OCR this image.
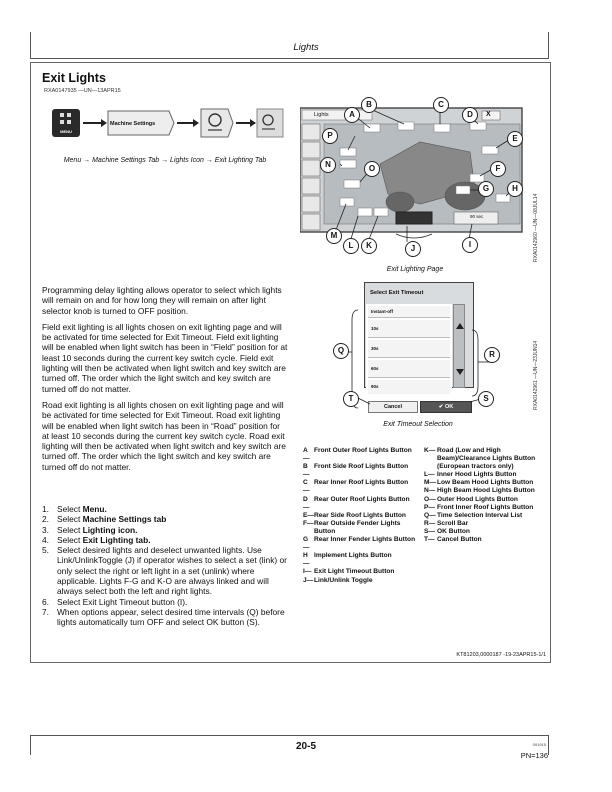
Lights
Exit Lights
RXA0147935 —UN—13APR15
MENU
Machine Settings
Menu → Machine Settings Tab → Lights Icon → Exit Lighting Tab
Lights	X
90 sec
A
B	C
D
E
F
G	H
I
J
K
L
M
N	O
P
Exit Lighting Page
RXA0142960 —UN—08JUL14
Select Exit Timeout
Instant-off
10s
30s
60s
90s
Cancel	✔ OK
Q	R
S
T
Exit Timeout Selection
RXA0142961 —UN—23JUN14

Programming delay lighting allows operator to select which lights will remain on and for how long they will remain on after light selector knob is turned to OFF position.

Field exit lighting is all lights chosen on exit lighting page and will be activated for time selected for Exit Timeout. Field exit lighting will be enabled when light switch has been in “Field” position for at least 10 seconds during the current key switch cycle. Field exit lighting will then be activated when light switch and key switch are turned off. The order which the light switch and key switch are turned off do not matter.

Road exit lighting is all lights chosen on exit lighting page and will be activated for time selected for Exit Timeout. Road exit lighting will be enabled when light switch has been in “Road” position for at least 10 seconds during the current key switch cycle. Road exit lighting will then be activated when light switch and key switch are turned off. The order which the light switch and key switch are turned off do not matter.

1. Select Menu.
2. Select Machine Settings tab
3. Select Lighting icon.
4. Select Exit Lighting tab.
5. Select desired lights and deselect unwanted lights. Use Link/UnlinkToggle (J) if operator wishes to select a set (link) or only select the right or left light in a set (unlink) where applicable. Lights F-G and K-O are always linked and will always select both the left and right lights.
6. Select Exit Light Timeout button (I).
7. When options appear, select desired time intervals (Q) before lights automatically turn OFF and select OK button (S).
A—
Front Outer Roof Lights Button
B—
Front Side Roof Lights Button
C—
Rear Inner Roof Lights Button
D—
Rear Outer Roof Lights Button
E— Rear Side Roof Lights Button
F— Rear Outside Fender Lights Button
G—
Rear Inner Fender Lights Button
H—
Implement Lights Button
I— Exit Light Timeout Button
J— Link/Unlink Toggle
K— Road (Low and High Beam)/Clearance Lights Button (European tractors only)
L— Inner Hood Lights Button
M— Low Beam Hood Lights Button
N— High Beam Hood Lights Button
O— Outer Hood Lights Button
P— Front Inner Roof Lights Button
Q— Time Selection Interval List
R— Scroll Bar
S— OK Button
T— Cancel Button
KT81203,0000187 -19-23APR15-1/1
20-5	091915
PN=136
